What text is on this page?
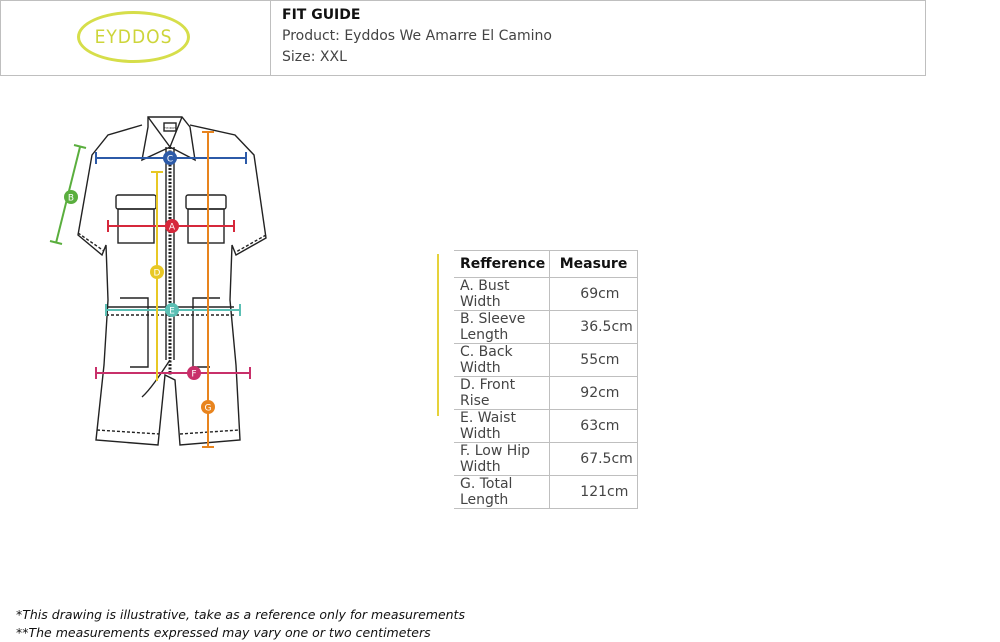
EYDDOS
FIT GUIDE
Product: Eyddos We Amarre El Camino
Size: XXL
EYDDOS
C
A
B
D
E
F
G
Refference	Measure
A. Bust Width	69cm
B. Sleeve Length	36.5cm
C. Back Width	55cm
D. Front Rise	92cm
E. Waist Width	63cm
F. Low Hip Width	67.5cm
G. Total Length	121cm
*This drawing is illustrative, take as a reference only for measurements
**The measurements expressed may vary one or two centimeters
